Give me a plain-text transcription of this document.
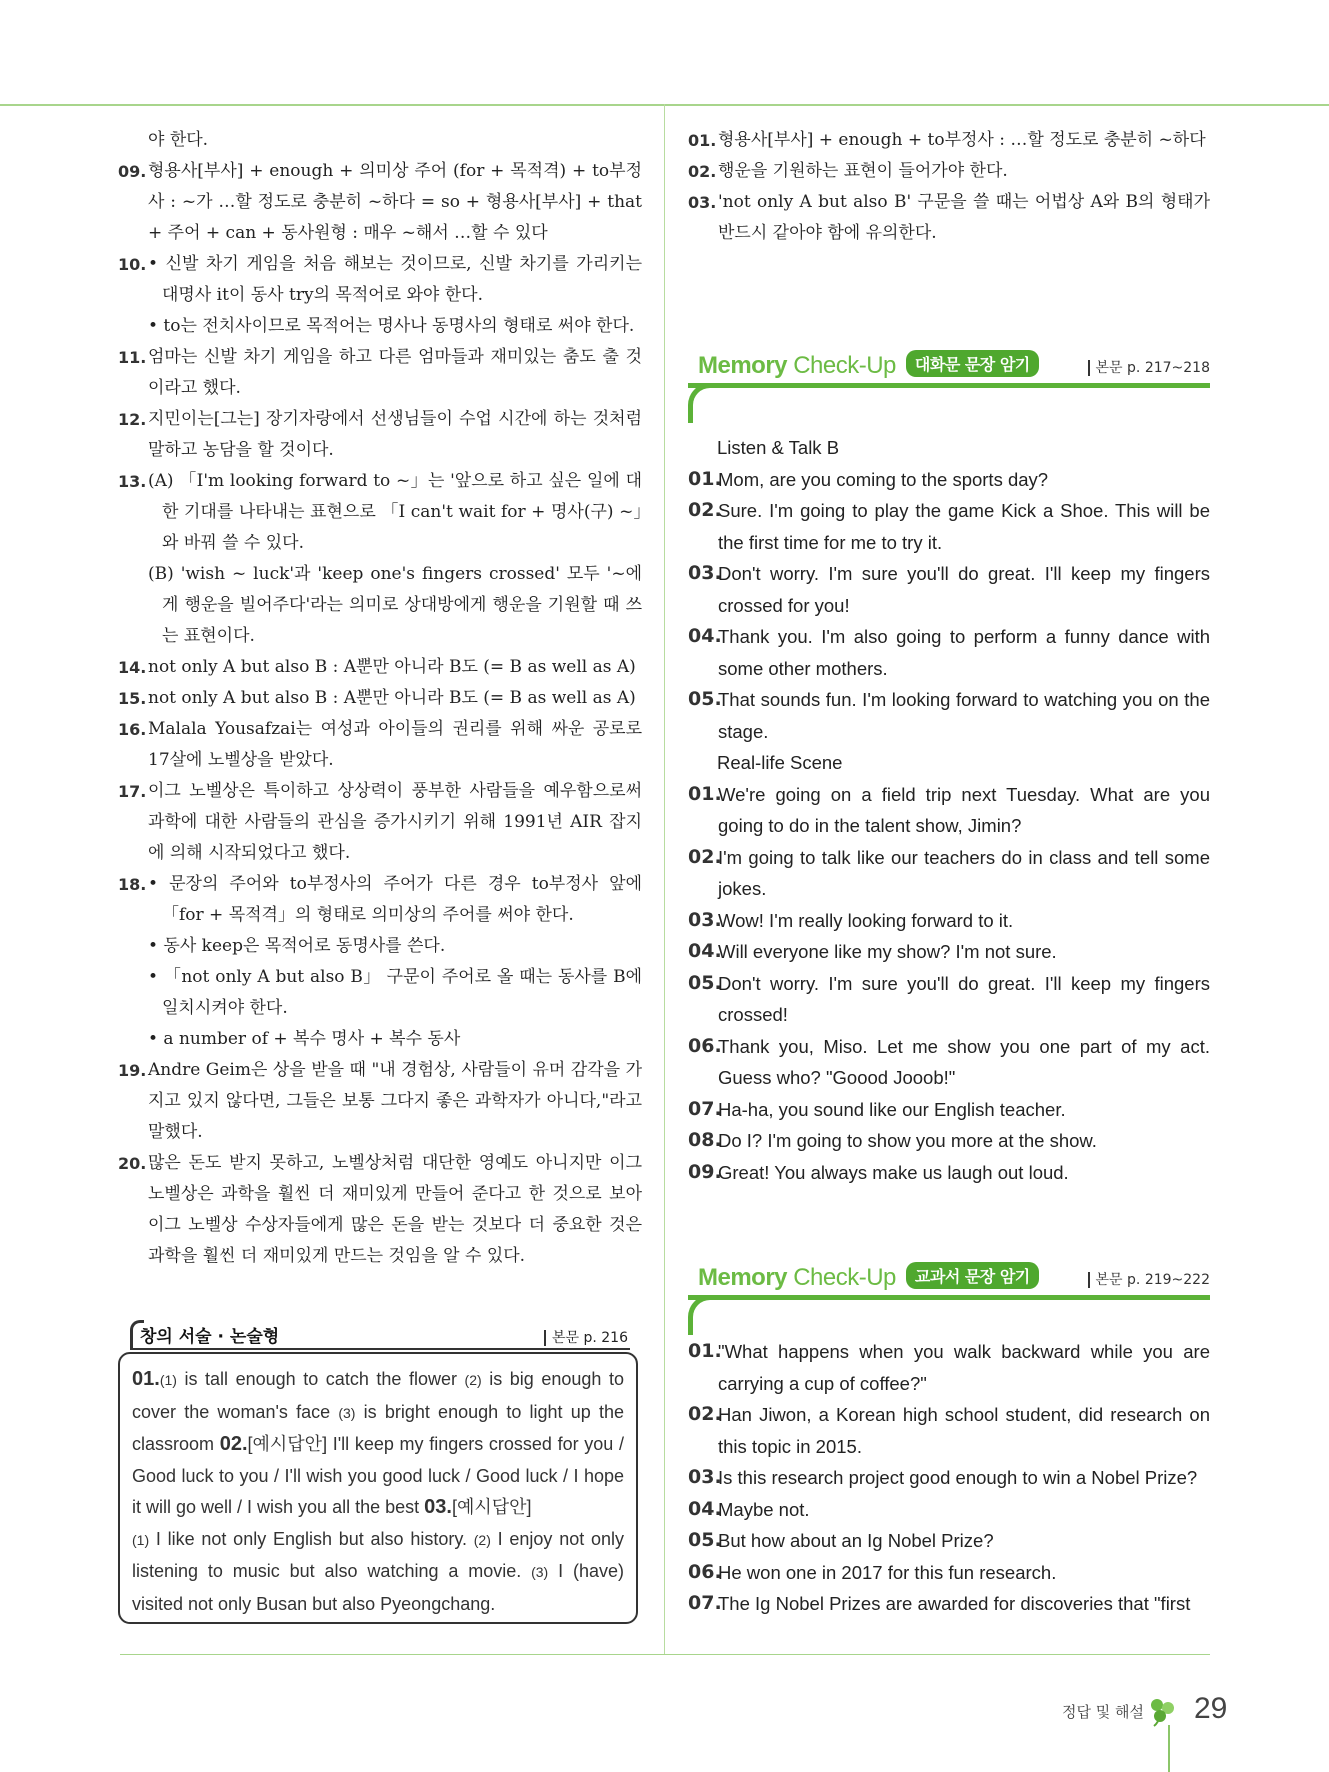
야 한다.
09. 형용사[부사] + enough + 의미상 주어 (for + 목적격) + to부정사 : ~가 …할 정도로 충분히 ~하다 = so + 형용사[부사] + that + 주어 + can + 동사원형 : 매우 ~해서 …할 수 있다
10. • 신발 차기 게임을 처음 해보는 것이므로, 신발 차기를 가리키는 대명사 it이 동사 try의 목적어로 와야 한다.
• to는 전치사이므로 목적어는 명사나 동명사의 형태로 써야 한다.
11. 엄마는 신발 차기 게임을 하고 다른 엄마들과 재미있는 춤도 출 것이라고 했다.
12. 지민이는[그는] 장기자랑에서 선생님들이 수업 시간에 하는 것처럼 말하고 농담을 할 것이다.
13. (A) 「I'm looking forward to ~」는 '앞으로 하고 싶은 일에 대한 기대를 나타내는 표현으로 「I can't wait for + 명사(구) ~」와 바꿔 쓸 수 있다.
(B) 'wish ~ luck'과 'keep one's fingers crossed' 모두 '~에게 행운을 빌어주다'라는 의미로 상대방에게 행운을 기원할 때 쓰는 표현이다.
14. not only A but also B : A뿐만 아니라 B도 (= B as well as A)
15. not only A but also B : A뿐만 아니라 B도 (= B as well as A)
16. Malala Yousafzai는 여성과 아이들의 권리를 위해 싸운 공로로 17살에 노벨상을 받았다.
17. 이그 노벨상은 특이하고 상상력이 풍부한 사람들을 예우함으로써 과학에 대한 사람들의 관심을 증가시키기 위해 1991년 AIR 잡지에 의해 시작되었다고 했다.
18. • 문장의 주어와 to부정사의 주어가 다른 경우 to부정사 앞에 「for + 목적격」의 형태로 의미상의 주어를 써야 한다.
• 동사 keep은 목적어로 동명사를 쓴다.
• 「not only A but also B」 구문이 주어로 올 때는 동사를 B에 일치시켜야 한다.
• a number of + 복수 명사 + 복수 동사
19. Andre Geim은 상을 받을 때 "내 경험상, 사람들이 유머 감각을 가지고 있지 않다면, 그들은 보통 그다지 좋은 과학자가 아니다,"라고 말했다.
20. 많은 돈도 받지 못하고, 노벨상처럼 대단한 영예도 아니지만 이그 노벨상은 과학을 훨씬 더 재미있게 만들어 준다고 한 것으로 보아 이그 노벨상 수상자들에게 많은 돈을 받는 것보다 더 중요한 것은 과학을 훨씬 더 재미있게 만드는 것임을 알 수 있다.
창의 서술 · 논술형	본문 p. 216
01.(1) is tall enough to catch the flower (2) is big enough to cover the woman's face (3) is bright enough to light up the classroom 02.[예시답안] I'll keep my fingers crossed for you / Good luck to you / I'll wish you good luck / Good luck / I hope it will go well / I wish you all the best 03.[예시답안]
(1) I like not only English but also history. (2) I enjoy not only listening to music but also watching a movie. (3) I (have) visited not only Busan but also Pyeongchang.
01. 형용사[부사] + enough + to부정사 : …할 정도로 충분히 ~하다
02. 행운을 기원하는 표현이 들어가야 한다.
03. 'not only A but also B' 구문을 쓸 때는 어법상 A와 B의 형태가 반드시 같아야 함에 유의한다.
Memory Check-Up 대화문 문장 암기	본문 p. 217~218
Listen & Talk B
01.
Mom, are you coming to the sports day?
02.
Sure. I'm going to play the game Kick a Shoe. This will be the first time for me to try it.
03.
Don't worry. I'm sure you'll do great. I'll keep my fingers crossed for you!
04.
Thank you. I'm also going to perform a funny dance with some other mothers.
05.
That sounds fun. I'm looking forward to watching you on the stage.
Real-life Scene
01.
We're going on a field trip next Tuesday. What are you going to do in the talent show, Jimin?
02.
I'm going to talk like our teachers do in class and tell some jokes.
03.
Wow! I'm really looking forward to it.
04.
Will everyone like my show? I'm not sure.
05.
Don't worry. I'm sure you'll do great. I'll keep my fingers crossed!
06.
Thank you, Miso. Let me show you one part of my act. Guess who? "Goood Jooob!"
07.
Ha-ha, you sound like our English teacher.
08.
Do I? I'm going to show you more at the show.
09.
Great! You always make us laugh out loud.
Memory Check-Up 교과서 문장 암기	본문 p. 219~222
01.
"What happens when you walk backward while you are carrying a cup of coffee?"
02.
Han Jiwon, a Korean high school student, did research on this topic in 2015.
03.
Is this research project good enough to win a Nobel Prize?
04.
Maybe not.
05.
But how about an Ig Nobel Prize?
06.
He won one in 2017 for this fun research.
07.
The Ig Nobel Prizes are awarded for discoveries that "first
정답 및 해설 29
